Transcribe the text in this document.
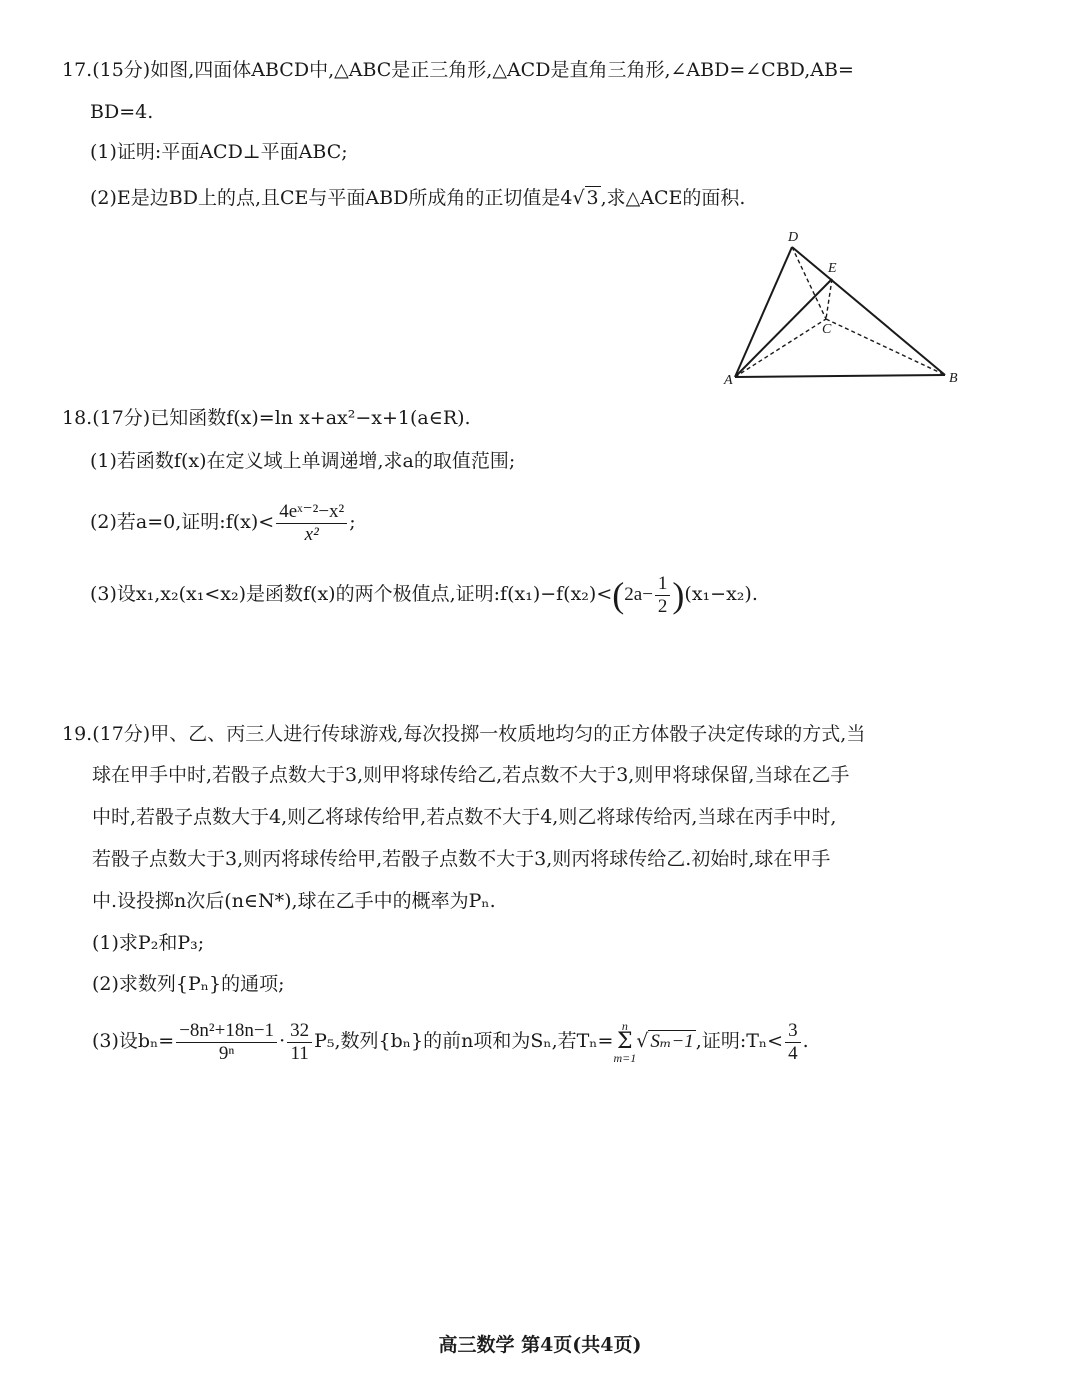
17.(15分)如图,四面体ABCD中,△ABC是正三角形,△ACD是直角三角形,∠ABD=∠CBD,AB=
BD=4.
(1)证明:平面ACD⊥平面ABC;
(2)E是边BD上的点,且CE与平面ABD所成角的正切值是4√ 3 ,求△ACE的面积.
D
E
C
A	B
18.(17分)已知函数f(x)=ln x+ax²−x+1(a∈R).
(1)若函数f(x)在定义域上单调递增,求a的取值范围;
(2)若a=0,证明:f(x)< $\frac{\text{4eˣ⁻²−x²}}{\text{x²}}$ ;
(3)设x₁,x₂(x₁<x₂)是函数f(x)的两个极值点,证明:f(x₁)−f(x₂)<(2a− $\frac{1}{2} )(x_1-x_2)$.
19.(17分)甲、乙、丙三人进行传球游戏,每次投掷一枚质地均匀的正方体骰子决定传球的方式,当
球在甲手中时,若骰子点数大于3,则甲将球传给乙,若点数不大于3,则甲将球保留,当球在乙手
中时,若骰子点数大于4,则乙将球传给甲,若点数不大于4,则乙将球传给丙,当球在丙手中时,
若骰子点数大于3,则丙将球传给甲,若骰子点数不大于3,则丙将球传给乙.初始时,球在甲手
中.设投掷n次后(n∈N*),球在乙手中的概率为Pₙ.
(1)求P₂和P₃;
(2)求数列{Pₙ}的通项;
(3)设$b_n= \frac{\text{−8n²+18n−1}}{\text{9ⁿ}} \cdot \frac{32}{11} P_5$,数列{bₙ}的前n项和为Sₙ,若Tₙ=n
Σ
m=1√ Sₘ−1 ,证明:Tₙ< $\frac{3}{4}$ .
高三数学 第4页(共4页)
